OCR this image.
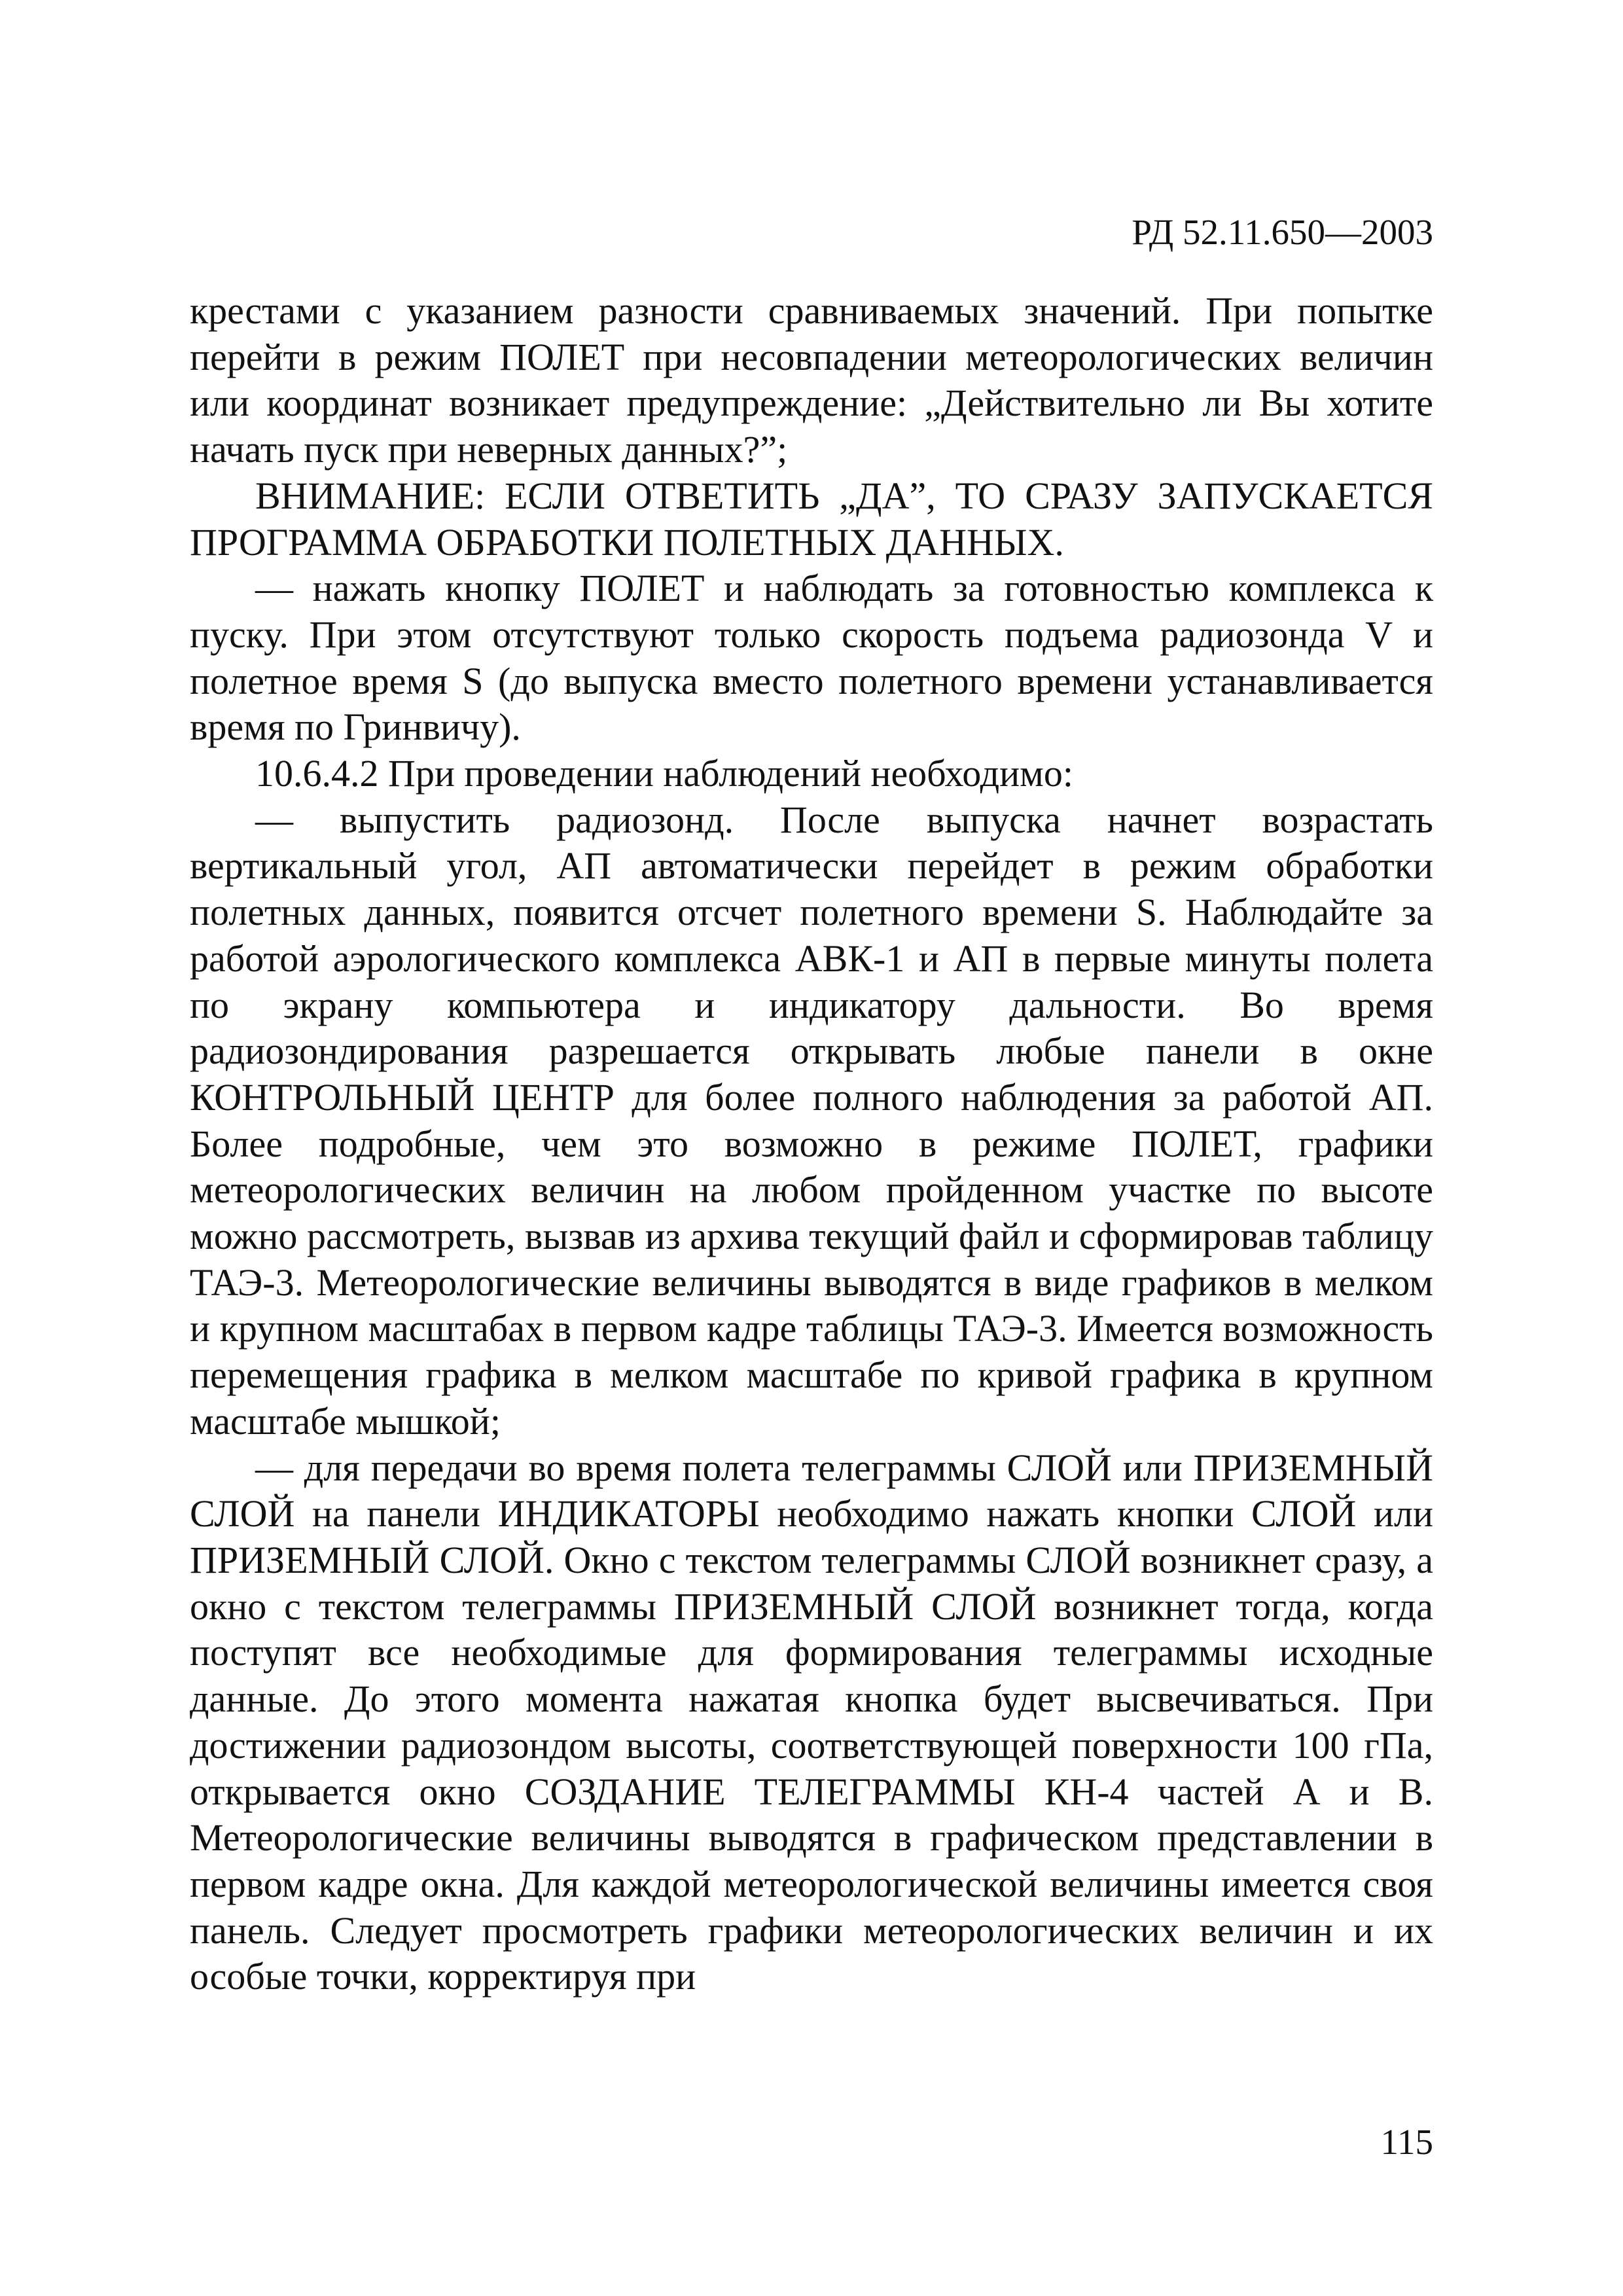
РД 52.11.650—2003

крестами с указанием разности сравниваемых значений. При попытке перейти в режим ПОЛЕТ при несовпадении метеорологических величин или координат возникает предупреждение: „Действительно ли Вы хотите начать пуск при неверных данных?”;

ВНИМАНИЕ: ЕСЛИ ОТВЕТИТЬ „ДА”, ТО СРАЗУ ЗАПУСКАЕТСЯ ПРОГРАММА ОБРАБОТКИ ПОЛЕТНЫХ ДАННЫХ.

— нажать кнопку ПОЛЕТ и наблюдать за готовностью комплекса к пуску. При этом отсутствуют только скорость подъема радиозонда V и полетное время S (до выпуска вместо полетного времени устанавливается время по Гринвичу).

10.6.4.2 При проведении наблюдений необходимо:

— выпустить радиозонд. После выпуска начнет возрастать вертикальный угол, АП автоматически перейдет в режим обработки полетных данных, появится отсчет полетного времени S. Наблюдайте за работой аэрологического комплекса АВК-1 и АП в первые минуты полета по экрану компьютера и индикатору дальности. Во время радиозондирования разрешается открывать любые панели в окне КОНТРОЛЬНЫЙ ЦЕНТР для более полного наблюдения за работой АП. Более подробные, чем это возможно в режиме ПОЛЕТ, графики метеорологических величин на любом пройденном участке по высоте можно рассмотреть, вызвав из архива текущий файл и сформировав таблицу ТАЭ-3. Метеорологические величины выводятся в виде графиков в мелком и крупном масштабах в первом кадре таблицы ТАЭ-3. Имеется возможность перемещения графика в мелком масштабе по кривой графика в крупном масштабе мышкой;

— для передачи во время полета телеграммы СЛОЙ или ПРИЗЕМНЫЙ СЛОЙ на панели ИНДИКАТОРЫ необходимо нажать кнопки СЛОЙ или ПРИЗЕМНЫЙ СЛОЙ. Окно с текстом телеграммы СЛОЙ возникнет сразу, а окно с текстом телеграммы ПРИЗЕМНЫЙ СЛОЙ возникнет тогда, когда поступят все необходимые для формирования телеграммы исходные данные. До этого момента нажатая кнопка будет высвечиваться. При достижении радиозондом высоты, соответствующей поверхности 100 гПа, открывается окно СОЗДАНИЕ ТЕЛЕГРАММЫ КН-4 частей А и В. Метеорологические величины выводятся в графическом представлении в первом кадре окна. Для каждой метеорологической величины имеется своя панель. Следует просмотреть графики метеорологических величин и их особые точки, корректируя при

115
